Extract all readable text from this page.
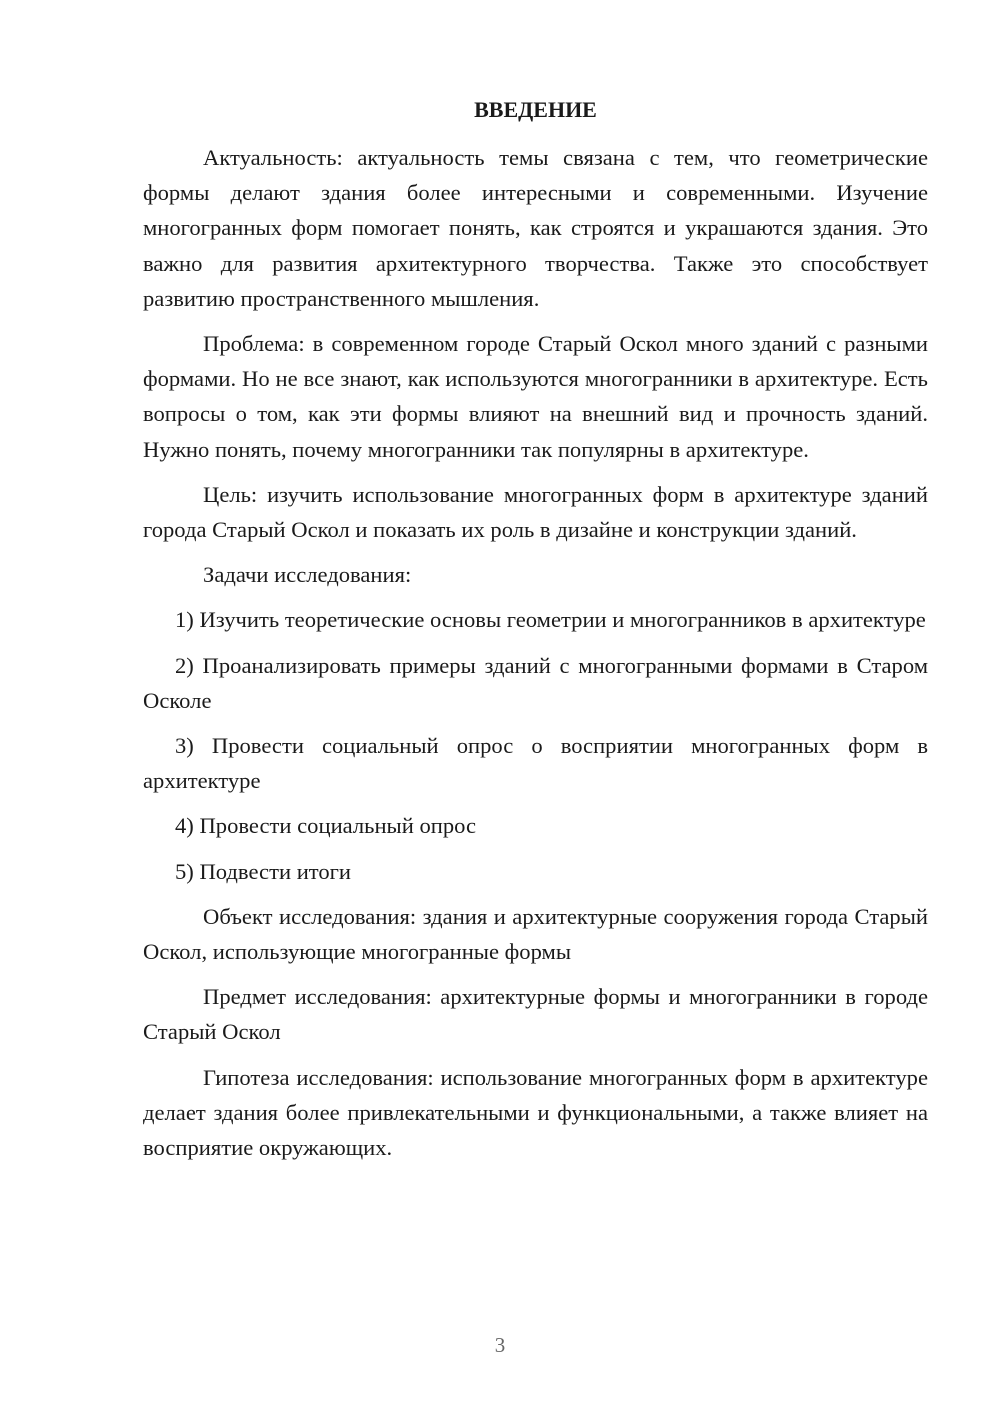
ВВЕДЕНИЕ

Актуальность: актуальность темы связана с тем, что геометрические формы делают здания более интересными и современными. Изучение многогранных форм помогает понять, как строятся и украшаются здания. Это важно для развития архитектурного творчества. Также это способствует развитию пространственного мышления.

Проблема: в современном городе Старый Оскол много зданий с разными формами. Но не все знают, как используются многогранники в архитектуре. Есть вопросы о том, как эти формы влияют на внешний вид и прочность зданий. Нужно понять, почему многогранники так популярны в архитектуре.

Цель: изучить использование многогранных форм в архитектуре зданий города Старый Оскол и показать их роль в дизайне и конструкции зданий.

Задачи исследования:

1) Изучить теоретические основы геометрии и многогранников в архитектуре

2) Проанализировать примеры зданий с многогранными формами в Старом Осколе

3) Провести социальный опрос о восприятии многогранных форм в архитектуре

4) Провести социальный опрос

5) Подвести итоги

Объект исследования: здания и архитектурные сооружения города Старый Оскол, использующие многогранные формы

Предмет исследования: архитектурные формы и многогранники в городе Старый Оскол

Гипотеза исследования: использование многогранных форм в архитектуре делает здания более привлекательными и функциональными, а также влияет на восприятие окружающих.

3
